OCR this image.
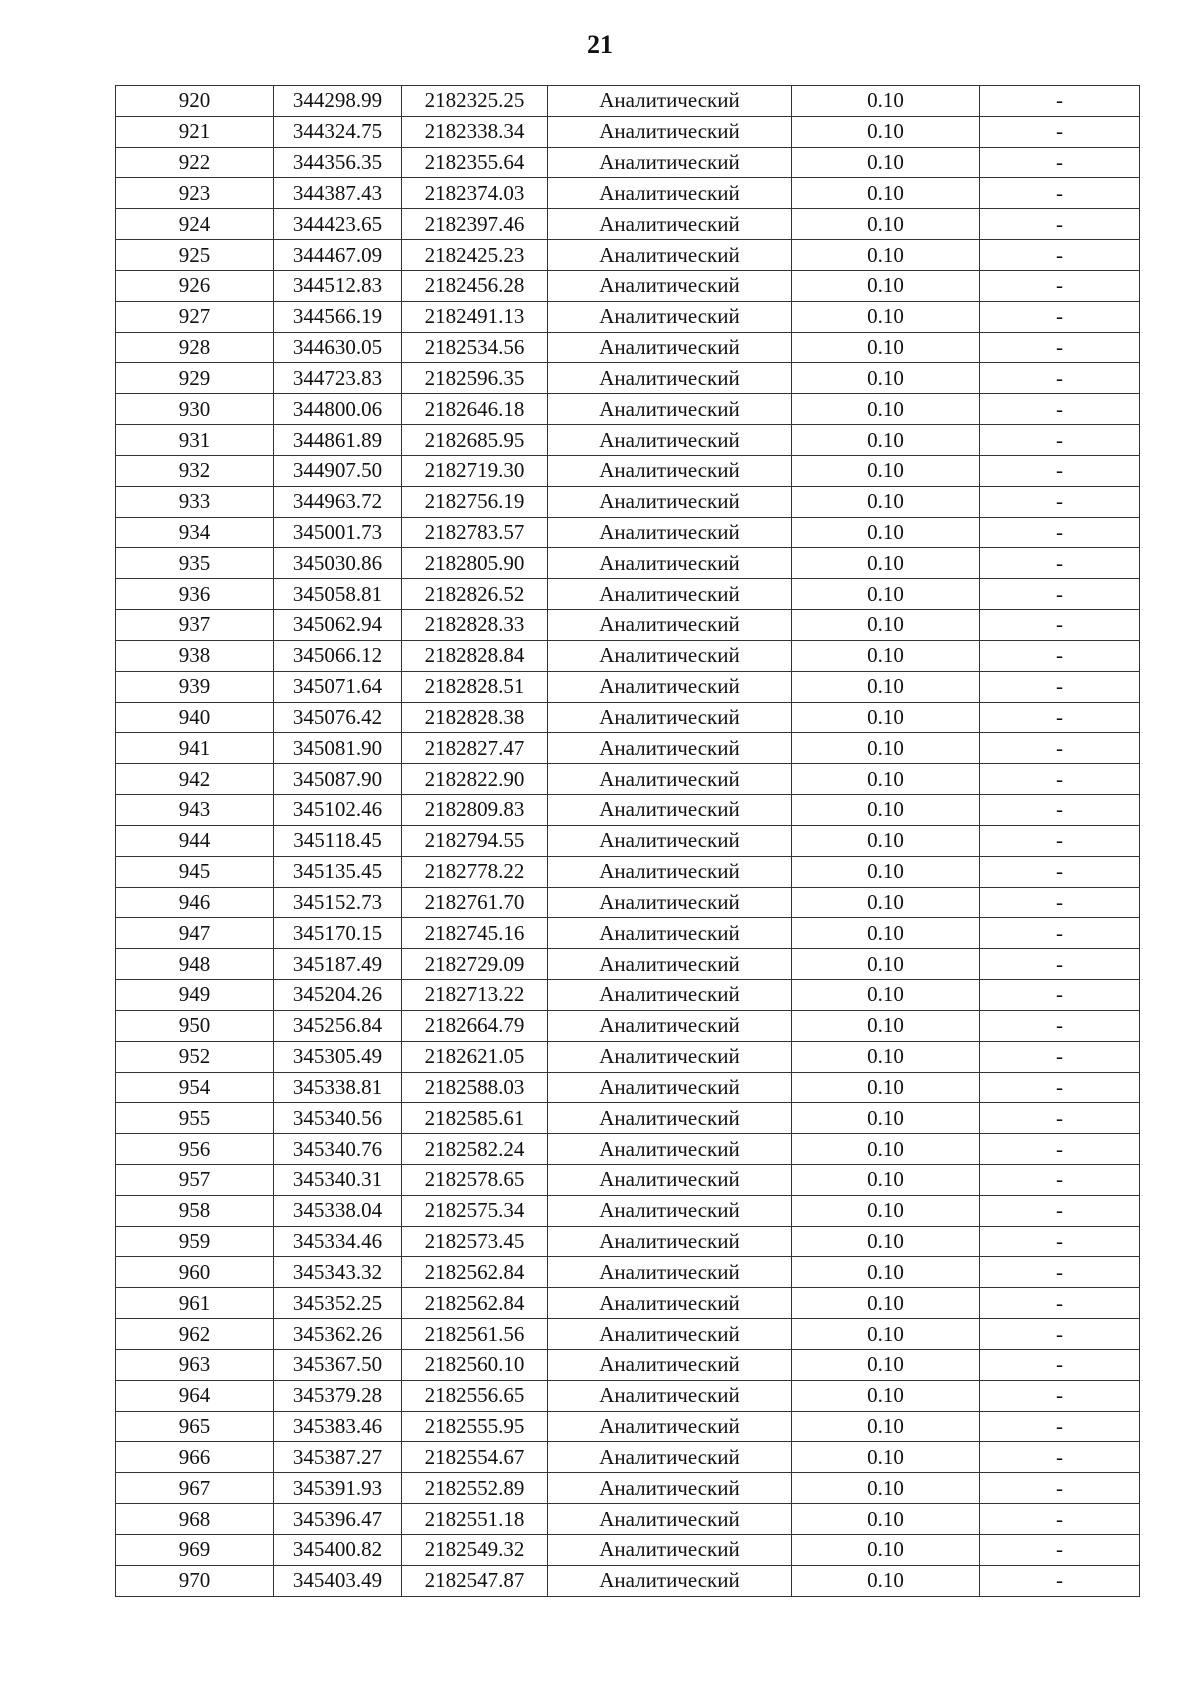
21
920	344298.99	2182325.25	Аналитический	0.10	-
921	344324.75	2182338.34	Аналитический	0.10	-
922	344356.35	2182355.64	Аналитический	0.10	-
923	344387.43	2182374.03	Аналитический	0.10	-
924	344423.65	2182397.46	Аналитический	0.10	-
925	344467.09	2182425.23	Аналитический	0.10	-
926	344512.83	2182456.28	Аналитический	0.10	-
927	344566.19	2182491.13	Аналитический	0.10	-
928	344630.05	2182534.56	Аналитический	0.10	-
929	344723.83	2182596.35	Аналитический	0.10	-
930	344800.06	2182646.18	Аналитический	0.10	-
931	344861.89	2182685.95	Аналитический	0.10	-
932	344907.50	2182719.30	Аналитический	0.10	-
933	344963.72	2182756.19	Аналитический	0.10	-
934	345001.73	2182783.57	Аналитический	0.10	-
935	345030.86	2182805.90	Аналитический	0.10	-
936	345058.81	2182826.52	Аналитический	0.10	-
937	345062.94	2182828.33	Аналитический	0.10	-
938	345066.12	2182828.84	Аналитический	0.10	-
939	345071.64	2182828.51	Аналитический	0.10	-
940	345076.42	2182828.38	Аналитический	0.10	-
941	345081.90	2182827.47	Аналитический	0.10	-
942	345087.90	2182822.90	Аналитический	0.10	-
943	345102.46	2182809.83	Аналитический	0.10	-
944	345118.45	2182794.55	Аналитический	0.10	-
945	345135.45	2182778.22	Аналитический	0.10	-
946	345152.73	2182761.70	Аналитический	0.10	-
947	345170.15	2182745.16	Аналитический	0.10	-
948	345187.49	2182729.09	Аналитический	0.10	-
949	345204.26	2182713.22	Аналитический	0.10	-
950	345256.84	2182664.79	Аналитический	0.10	-
952	345305.49	2182621.05	Аналитический	0.10	-
954	345338.81	2182588.03	Аналитический	0.10	-
955	345340.56	2182585.61	Аналитический	0.10	-
956	345340.76	2182582.24	Аналитический	0.10	-
957	345340.31	2182578.65	Аналитический	0.10	-
958	345338.04	2182575.34	Аналитический	0.10	-
959	345334.46	2182573.45	Аналитический	0.10	-
960	345343.32	2182562.84	Аналитический	0.10	-
961	345352.25	2182562.84	Аналитический	0.10	-
962	345362.26	2182561.56	Аналитический	0.10	-
963	345367.50	2182560.10	Аналитический	0.10	-
964	345379.28	2182556.65	Аналитический	0.10	-
965	345383.46	2182555.95	Аналитический	0.10	-
966	345387.27	2182554.67	Аналитический	0.10	-
967	345391.93	2182552.89	Аналитический	0.10	-
968	345396.47	2182551.18	Аналитический	0.10	-
969	345400.82	2182549.32	Аналитический	0.10	-
970	345403.49	2182547.87	Аналитический	0.10	-
